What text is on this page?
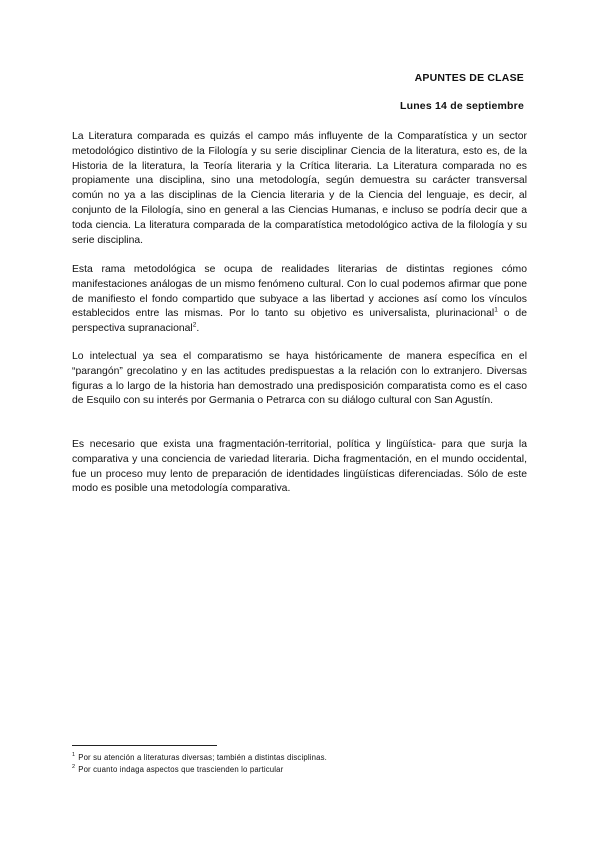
APUNTES DE CLASE
Lunes 14 de septiembre

La Literatura comparada es quizás el campo más influyente de la Comparatística y un sector metodológico distintivo de la Filología y su serie disciplinar Ciencia de la literatura, esto es, de la Historia de la literatura, la Teoría literaria y la Crítica literaria. La Literatura comparada no es propiamente una disciplina, sino una metodología, según demuestra su carácter transversal común no ya a las disciplinas de la Ciencia literaria y de la Ciencia del lenguaje, es decir, al conjunto de la Filología, sino en general a las Ciencias Humanas, e incluso se podría decir que a toda ciencia. La literatura comparada de la comparatística metodológico activa de la filología y su serie disciplina.

Esta rama metodológica se ocupa de realidades literarias de distintas regiones cómo manifestaciones análogas de un mismo fenómeno cultural. Con lo cual podemos afirmar que pone de manifiesto el fondo compartido que subyace a las libertad y acciones así como los vínculos establecidos entre las mismas. Por lo tanto su objetivo es universalista, plurinacional$^1$ o de perspectiva supranacional$^2$.

Lo intelectual ya sea el comparatismo se haya históricamente de manera específica en el “parangón” grecolatino y en las actitudes predispuestas a la relación con lo extranjero. Diversas figuras a lo largo de la historia han demostrado una predisposición comparatista como es el caso de Esquilo con su interés por Germania o Petrarca con su diálogo cultural con San Agustín.

Es necesario que exista una fragmentación-territorial, política y lingüística- para que surja la comparativa y una conciencia de variedad literaria. Dicha fragmentación, en el mundo occidental, fue un proceso muy lento de preparación de identidades lingüísticas diferenciadas. Sólo de este modo es posible una metodología comparativa.

$^1$ Por su atención a literaturas diversas; también a distintas disciplinas.
$^2$ Por cuanto indaga aspectos que trascienden lo particular
